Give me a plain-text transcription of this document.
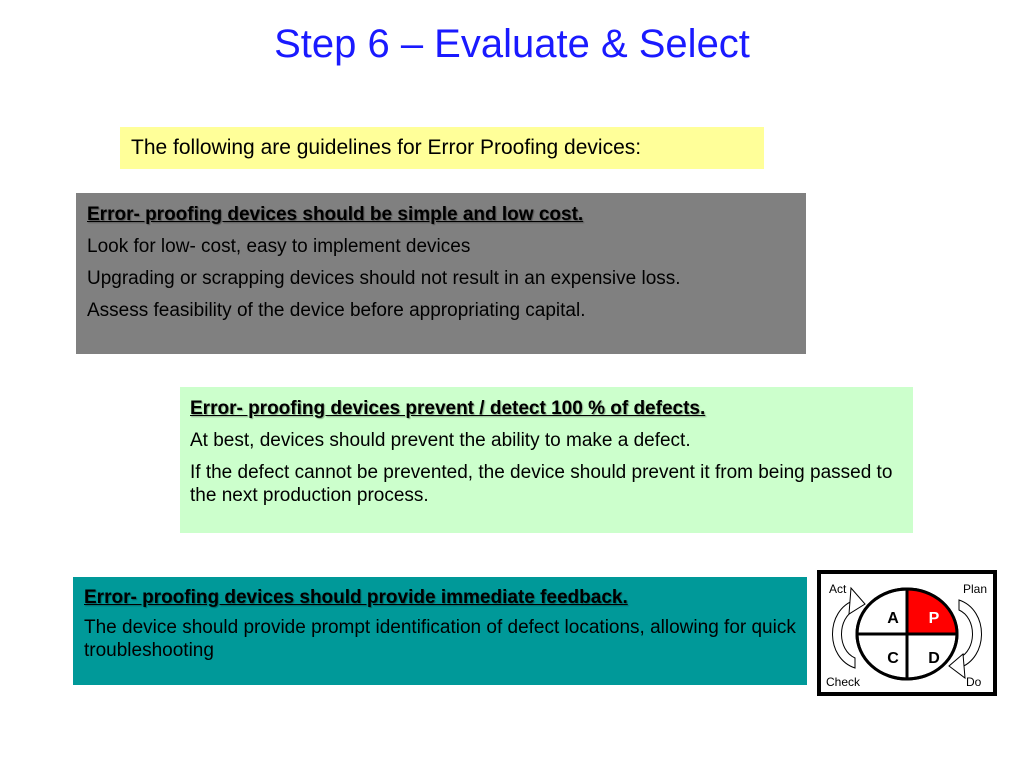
Step 6 – Evaluate & Select
The following are guidelines for Error Proofing devices:

Error- proofing devices should be simple and low cost.

Look for low- cost, easy to implement devices

Upgrading or scrapping devices should not result in an expensive loss.

Assess feasibility of the device before appropriating capital.

Error- proofing devices prevent / detect 100 % of defects.

At best, devices should prevent the ability to make a defect.

If the defect cannot be prevented, the device should prevent it from being passed to the next production process.

Error- proofing devices should provide immediate feedback.

The device should provide prompt identification of defect locations, allowing for quick troubleshooting

Act	Plan
Check	Do
A P
C D
